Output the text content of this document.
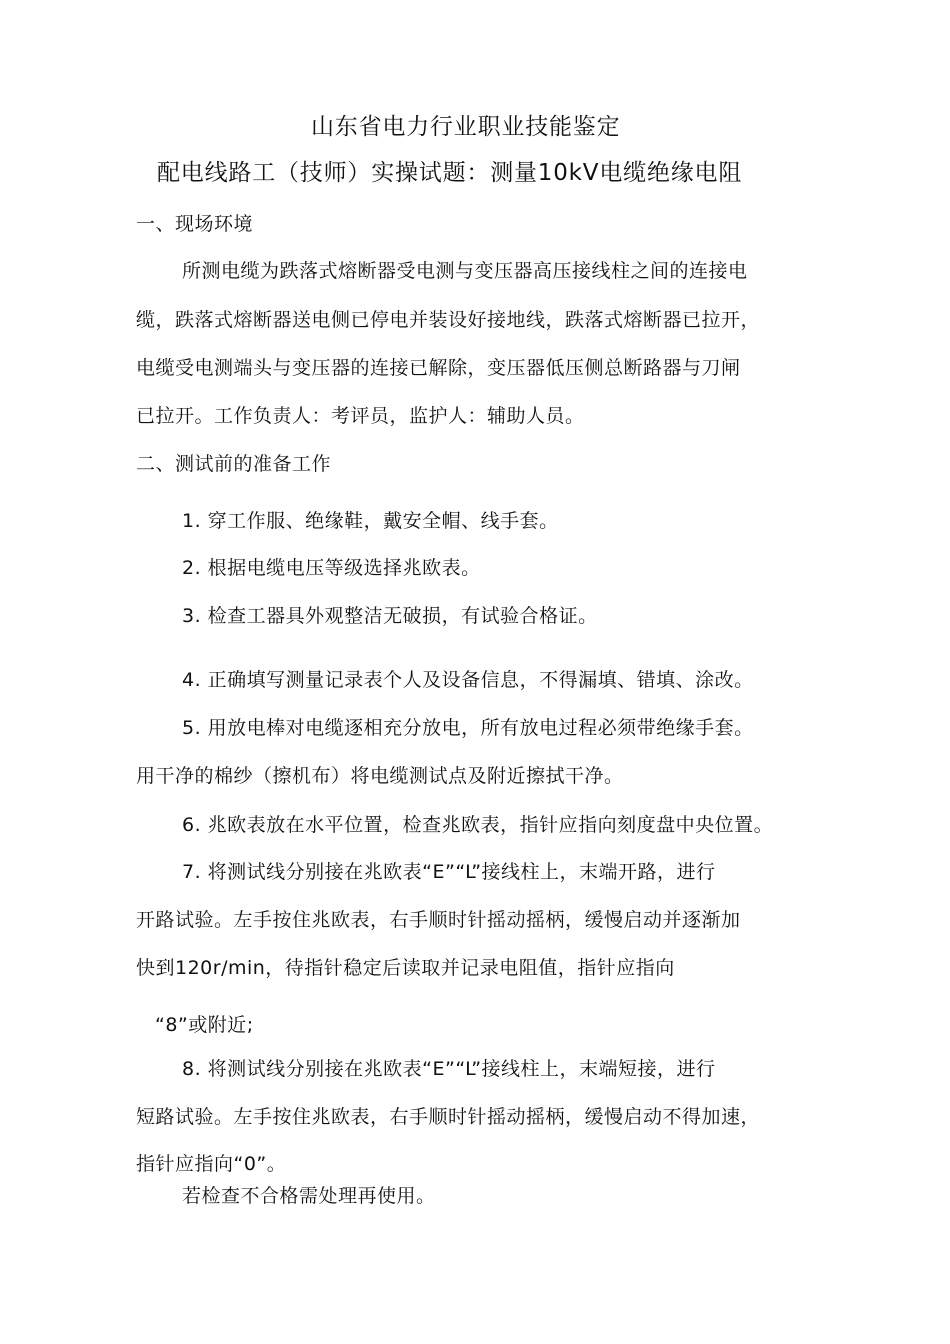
山东省电力行业职业技能鉴定
配电线路工（技师）实操试题：测量10kV电缆绝缘电阻
一、现场环境
所测电缆为跌落式熔断器受电测与变压器高压接线柱之间的连接电
缆，跌落式熔断器送电侧已停电并装设好接地线，跌落式熔断器已拉开，
电缆受电测端头与变压器的连接已解除，变压器低压侧总断路器与刀闸
已拉开。工作负责人：考评员，监护人：辅助人员。
二、测试前的准备工作
1. 穿工作服、绝缘鞋，戴安全帽、线手套。
2. 根据电缆电压等级选择兆欧表。
3. 检查工器具外观整洁无破损，有试验合格证。
4. 正确填写测量记录表个人及设备信息，不得漏填、错填、涂改。
5. 用放电棒对电缆逐相充分放电，所有放电过程必须带绝缘手套。
用干净的棉纱（擦机布）将电缆测试点及附近擦拭干净。
6. 兆欧表放在水平位置，检查兆欧表，指针应指向刻度盘中央位置。
7. 将测试线分别接在兆欧表“E”“L”接线柱上，末端开路，进行
开路试验。左手按住兆欧表，右手顺时针摇动摇柄，缓慢启动并逐渐加
快到120r/min，待指针稳定后读取并记录电阻值，指针应指向
“8”或附近;
8. 将测试线分别接在兆欧表“E”“L”接线柱上，末端短接，进行
短路试验。左手按住兆欧表，右手顺时针摇动摇柄，缓慢启动不得加速，
指针应指向“0”。
若检查不合格需处理再使用。
